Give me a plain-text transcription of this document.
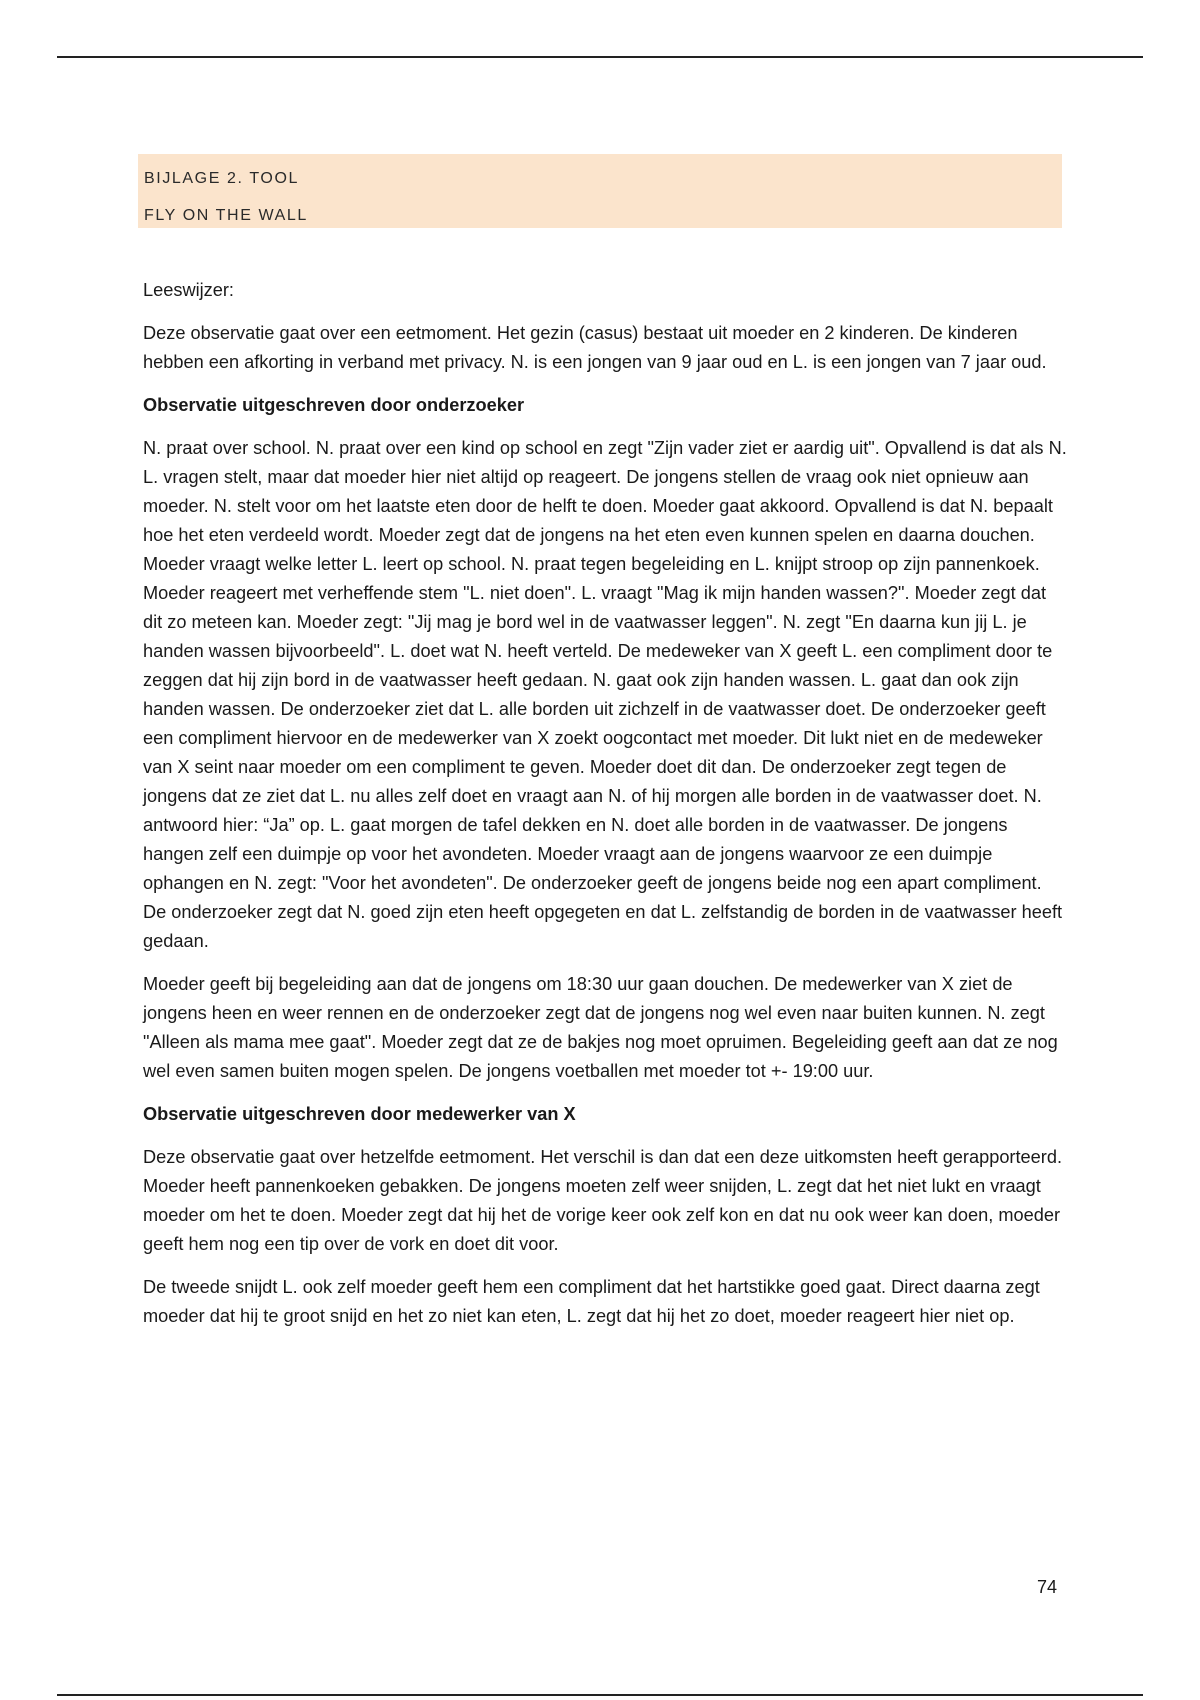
BIJLAGE 2. TOOL
FLY ON THE WALL

Leeswijzer:

Deze observatie gaat over een eetmoment. Het gezin (casus) bestaat uit moeder en 2 kinderen. De kinderen hebben een afkorting in verband met privacy. N. is een jongen van 9 jaar oud en L. is een jongen van 7 jaar oud.

Observatie uitgeschreven door onderzoeker

N. praat over school. N. praat over een kind op school en zegt "Zijn vader ziet er aardig uit". Opvallend is dat als N. L. vragen stelt, maar dat moeder hier niet altijd op reageert. De jongens stellen de vraag ook niet opnieuw aan moeder. N. stelt voor om het laatste eten door de helft te doen. Moeder gaat akkoord. Opvallend is dat N. bepaalt hoe het eten verdeeld wordt. Moeder zegt dat de jongens na het eten even kunnen spelen en daarna douchen. Moeder vraagt welke letter L. leert op school. N. praat tegen begeleiding en L. knijpt stroop op zijn pannenkoek. Moeder reageert met verheffende stem "L. niet doen". L. vraagt "Mag ik mijn handen wassen?". Moeder zegt dat dit zo meteen kan. Moeder zegt: "Jij mag je bord wel in de vaatwasser leggen". N. zegt "En daarna kun jij L. je handen wassen bijvoorbeeld". L. doet wat N. heeft verteld. De medeweker van X geeft L. een compliment door te zeggen dat hij zijn bord in de vaatwasser heeft gedaan. N. gaat ook zijn handen wassen. L. gaat dan ook zijn handen wassen. De onderzoeker ziet dat L. alle borden uit zichzelf in de vaatwasser doet. De onderzoeker geeft een compliment hiervoor en de medewerker van X zoekt oogcontact met moeder. Dit lukt niet en de medeweker van X seint naar moeder om een compliment te geven. Moeder doet dit dan. De onderzoeker zegt tegen de jongens dat ze ziet dat L. nu alles zelf doet en vraagt aan N. of hij morgen alle borden in de vaatwasser doet. N. antwoord hier: “Ja” op. L. gaat morgen de tafel dekken en N. doet alle borden in de vaatwasser. De jongens hangen zelf een duimpje op voor het avondeten. Moeder vraagt aan de jongens waarvoor ze een duimpje ophangen en N. zegt: "Voor het avondeten". De onderzoeker geeft de jongens beide nog een apart compliment. De onderzoeker zegt dat N. goed zijn eten heeft opgegeten en dat L. zelfstandig de borden in de vaatwasser heeft gedaan.

Moeder geeft bij begeleiding aan dat de jongens om 18:30 uur gaan douchen. De medewerker van X ziet de jongens heen en weer rennen en de onderzoeker zegt dat de jongens nog wel even naar buiten kunnen. N. zegt "Alleen als mama mee gaat". Moeder zegt dat ze de bakjes nog moet opruimen. Begeleiding geeft aan dat ze nog wel even samen buiten mogen spelen. De jongens voetballen met moeder tot +- 19:00 uur.

Observatie uitgeschreven door medewerker van X

Deze observatie gaat over hetzelfde eetmoment. Het verschil is dan dat een deze uitkomsten heeft gerapporteerd. Moeder heeft pannenkoeken gebakken. De jongens moeten zelf weer snijden, L. zegt dat het niet lukt en vraagt moeder om het te doen. Moeder zegt dat hij het de vorige keer ook zelf kon en dat nu ook weer kan doen, moeder geeft hem nog een tip over de vork en doet dit voor.

De tweede snijdt L. ook zelf moeder geeft hem een compliment dat het hartstikke goed gaat. Direct daarna zegt moeder dat hij te groot snijd en het zo niet kan eten, L. zegt dat hij het zo doet, moeder reageert hier niet op.

74
